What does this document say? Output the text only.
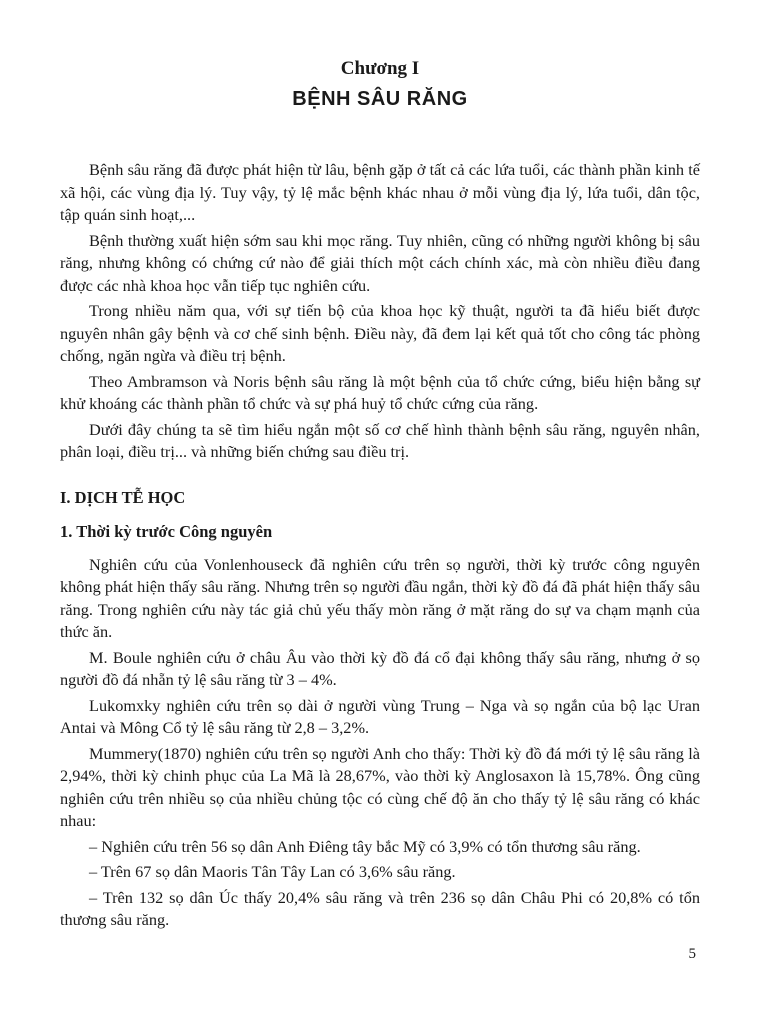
Chương I
BỆNH SÂU RĂNG

Bệnh sâu răng đã được phát hiện từ lâu, bệnh gặp ở tất cả các lứa tuổi, các thành phần kinh tế xã hội, các vùng địa lý. Tuy vậy, tỷ lệ mắc bệnh khác nhau ở mỗi vùng địa lý, lứa tuổi, dân tộc, tập quán sinh hoạt,...

Bệnh thường xuất hiện sớm sau khi mọc răng. Tuy nhiên, cũng có những người không bị sâu răng, nhưng không có chứng cứ nào để giải thích một cách chính xác, mà còn nhiều điều đang được các nhà khoa học vẫn tiếp tục nghiên cứu.

Trong nhiều năm qua, với sự tiến bộ của khoa học kỹ thuật, người ta đã hiểu biết được nguyên nhân gây bệnh và cơ chế sinh bệnh. Điều này, đã đem lại kết quả tốt cho công tác phòng chống, ngăn ngừa và điều trị bệnh.

Theo Ambramson và Noris bệnh sâu răng là một bệnh của tổ chức cứng, biểu hiện bằng sự khử khoáng các thành phần tổ chức và sự phá huỷ tổ chức cứng của răng.

Dưới đây chúng ta sẽ tìm hiểu ngắn một số cơ chế hình thành bệnh sâu răng, nguyên nhân, phân loại, điều trị... và những biến chứng sau điều trị.

I. DỊCH TỄ HỌC
1. Thời kỳ trước Công nguyên

Nghiên cứu của Vonlenhouseck đã nghiên cứu trên sọ người, thời kỳ trước công nguyên không phát hiện thấy sâu răng. Nhưng trên sọ người đầu ngắn, thời kỳ đồ đá đã phát hiện thấy sâu răng. Trong nghiên cứu này tác giả chủ yếu thấy mòn răng ở mặt răng do sự va chạm mạnh của thức ăn.

M. Boule nghiên cứu ở châu Âu vào thời kỳ đồ đá cổ đại không thấy sâu răng, nhưng ở sọ người đồ đá nhẵn tỷ lệ sâu răng từ 3 – 4%.

Lukomxky nghiên cứu trên sọ dài ở người vùng Trung – Nga và sọ ngắn của bộ lạc Uran Antai và Mông Cổ tỷ lệ sâu răng từ 2,8 – 3,2%.

Mummery(1870) nghiên cứu trên sọ người Anh cho thấy: Thời kỳ đồ đá mới tỷ lệ sâu răng là 2,94%, thời kỳ chinh phục của La Mã là 28,67%, vào thời kỳ Anglosaxon là 15,78%. Ông cũng nghiên cứu trên nhiều sọ của nhiều chủng tộc có cùng chế độ ăn cho thấy tỷ lệ sâu răng có khác nhau:

– Nghiên cứu trên 56 sọ dân Anh Điêng tây bắc Mỹ có 3,9% có tổn thương sâu răng.

– Trên 67 sọ dân Maoris Tân Tây Lan có 3,6% sâu răng.

– Trên 132 sọ dân Úc thấy 20,4% sâu răng và trên 236 sọ dân Châu Phi có 20,8% có tổn thương sâu răng.

5
